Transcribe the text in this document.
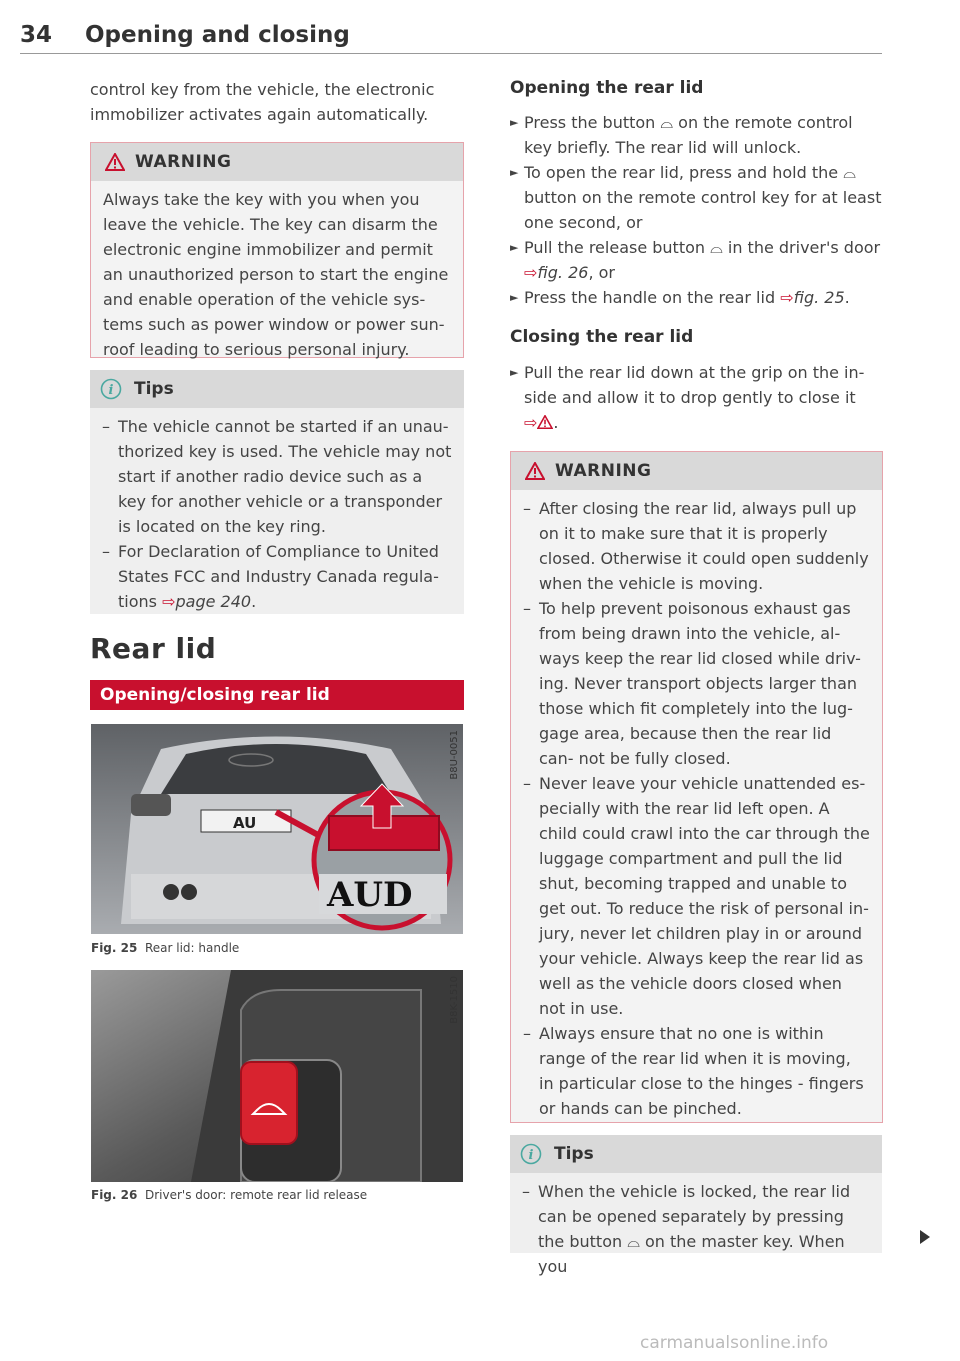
34 Opening and closing

control key from the vehicle, the electronic immobilizer activates again automatically.

WARNING
Always take the key with you when you leave the vehicle. The key can disarm the electronic engine immobilizer and permit an unauthorized person to start the engine and enable operation of the vehicle sys- tems such as power window or power sun- roof leading to serious personal injury.
i Tips
– The vehicle cannot be started if an unau- thorized key is used. The vehicle may not start if another radio device such as a key for another vehicle or a transponder is located on the key ring.
– For Declaration of Compliance to United States FCC and Industry Canada regula- tions ⇨page 240.
Rear lid
Opening/closing rear lid
AU
AUD
B8U-0051
Fig. 25 Rear lid: handle
B8K-1510
Fig. 26 Driver's door: remote rear lid release
Opening the rear lid
► Press the button ⌓ on the remote control key briefly. The rear lid will unlock.
► To open the rear lid, press and hold the ⌓ button on the remote control key for at least one second, or
► Pull the release button ⌓ in the driver's door ⇨fig. 26, or
► Press the handle on the rear lid ⇨fig. 25.
Closing the rear lid
► Pull the rear lid down at the grip on the in- side and allow it to drop gently to close it
⇨ .
WARNING
– After closing the rear lid, always pull up on it to make sure that it is properly closed. Otherwise it could open suddenly when the vehicle is moving.
– To help prevent poisonous exhaust gas from being drawn into the vehicle, al- ways keep the rear lid closed while driv- ing. Never transport objects larger than those which fit completely into the lug- gage area, because then the rear lid can- not be fully closed.
– Never leave your vehicle unattended es- pecially with the rear lid left open. A child could crawl into the car through the luggage compartment and pull the lid shut, becoming trapped and unable to get out. To reduce the risk of personal in- jury, never let children play in or around your vehicle. Always keep the rear lid as well as the vehicle doors closed when not in use.
– Always ensure that no one is within range of the rear lid when it is moving, in particular close to the hinges - fingers or hands can be pinched.
i Tips
– When the vehicle is locked, the rear lid can be opened separately by pressing the button ⌓ on the master key. When you
carmanualsonline.info
